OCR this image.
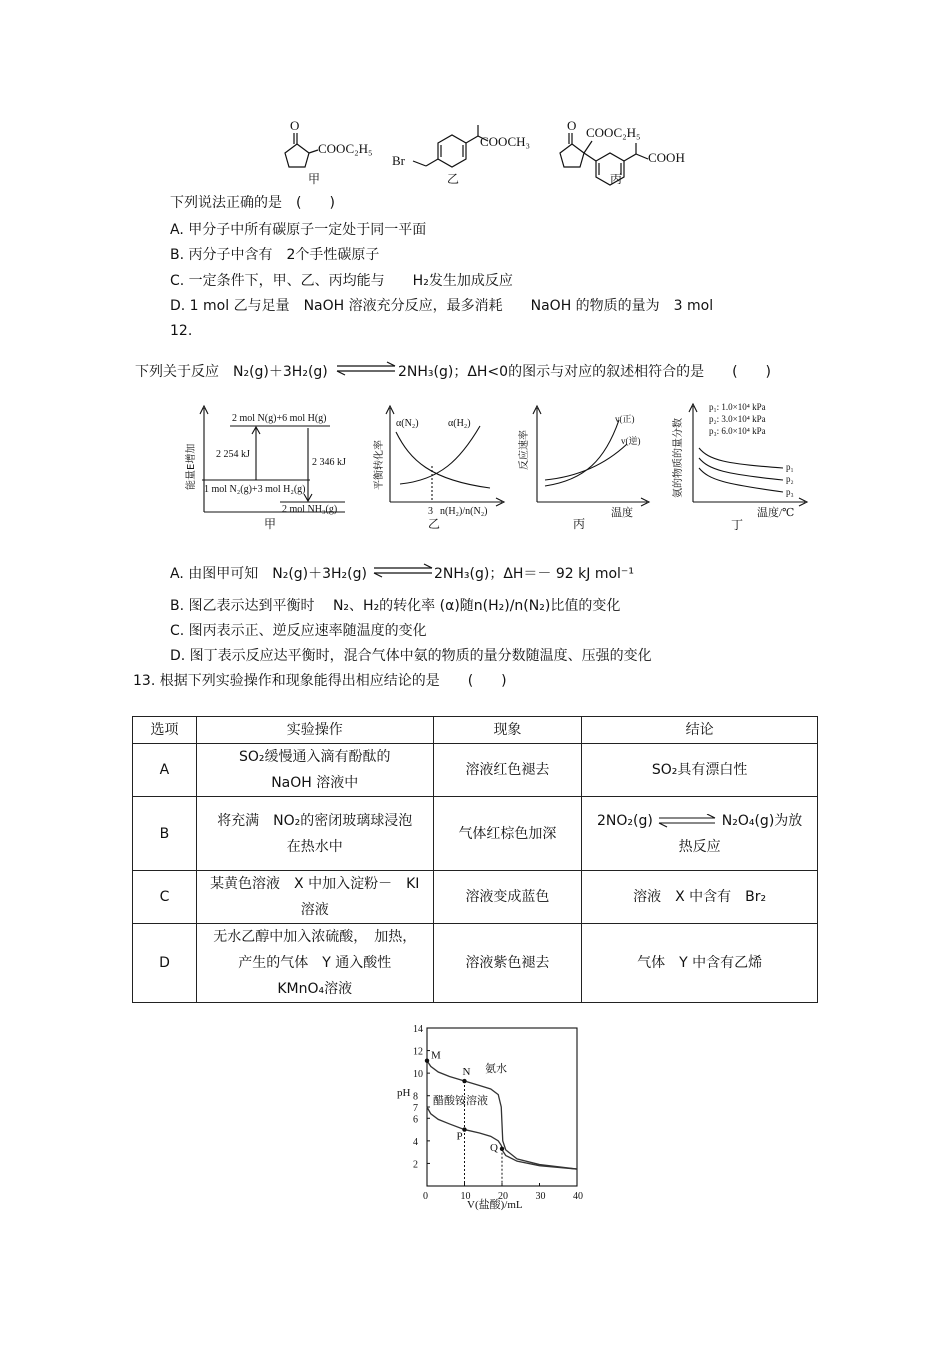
O
COOC₂H₅
甲
Br
COOCH₃
乙
O COOC₂H₅
COOH
丙
下列说法正确的是　(　　)
A. 甲分子中所有碳原子一定处于同一平面
B. 丙分子中含有　2个手性碳原子
C. 一定条件下，甲、乙、丙均能与　　H₂发生加成反应
D. 1 mol 乙与足量　NaOH 溶液充分反应，最多消耗　　NaOH 的物质的量为　3 mol
12.
下列关于反应　N₂(g)＋3H₂(g)	2NH₃(g)；ΔH<0的图示与对应的叙述相符合的是　　(　　)
2 mol N(g)+6 mol H(g)
1 mol N₂(g)+3 mol H₂(g)
2 mol NH₃(g)
2 254 kJ
2 346 kJ
甲
能量E增加
α(N₂)	α(H₂)
3 n(H₂)/n(N₂)
乙
平衡转化率
v(正)
v(逆)
温度
丙
反应速率
p₁: 1.0×10⁴ kPa
p₂: 3.0×10⁴ kPa
p₃: 6.0×10⁴ kPa
p₁
p₂
p₃
温度/℃
丁
氨的物质的量分数
A. 由图甲可知　N₂(g)＋3H₂(g)	2NH₃(g)；ΔH＝－ 92 kJ mol⁻¹
B. 图乙表示达到平衡时　 N₂、H₂的转化率 (α)随n(H₂)/n(N₂)比值的变化
C. 图丙表示正、逆反应速率随温度的变化
D. 图丁表示反应达平衡时，混合气体中氨的物质的量分数随温度、压强的变化
13. 根据下列实验操作和现象能得出相应结论的是　　(　　)
选项	实验操作	现象	结论
A	SO₂缓慢通入滴有酚酞的
NaOH 溶液中	溶液红色褪去	SO₂具有漂白性
B	将充满　NO₂的密闭玻璃球浸泡
在热水中	气体红棕色加深	2NO₂(g) N₂O₄(g)为放
热反应
C	某黄色溶液　X 中加入淀粉－　KI
溶液	溶液变成蓝色	溶液　X 中含有　Br₂
D	无水乙醇中加入浓硫酸，　加热，
产生的气体　Y 通入酸性
KMnO₄溶液	溶液紫色褪去	气体　Y 中含有乙烯
0	10	20	30	40
2
4
6
7
8
10
12
14
M
N
P
Q
pH
V(盐酸)/mL
氨水
醋酸铵溶液
